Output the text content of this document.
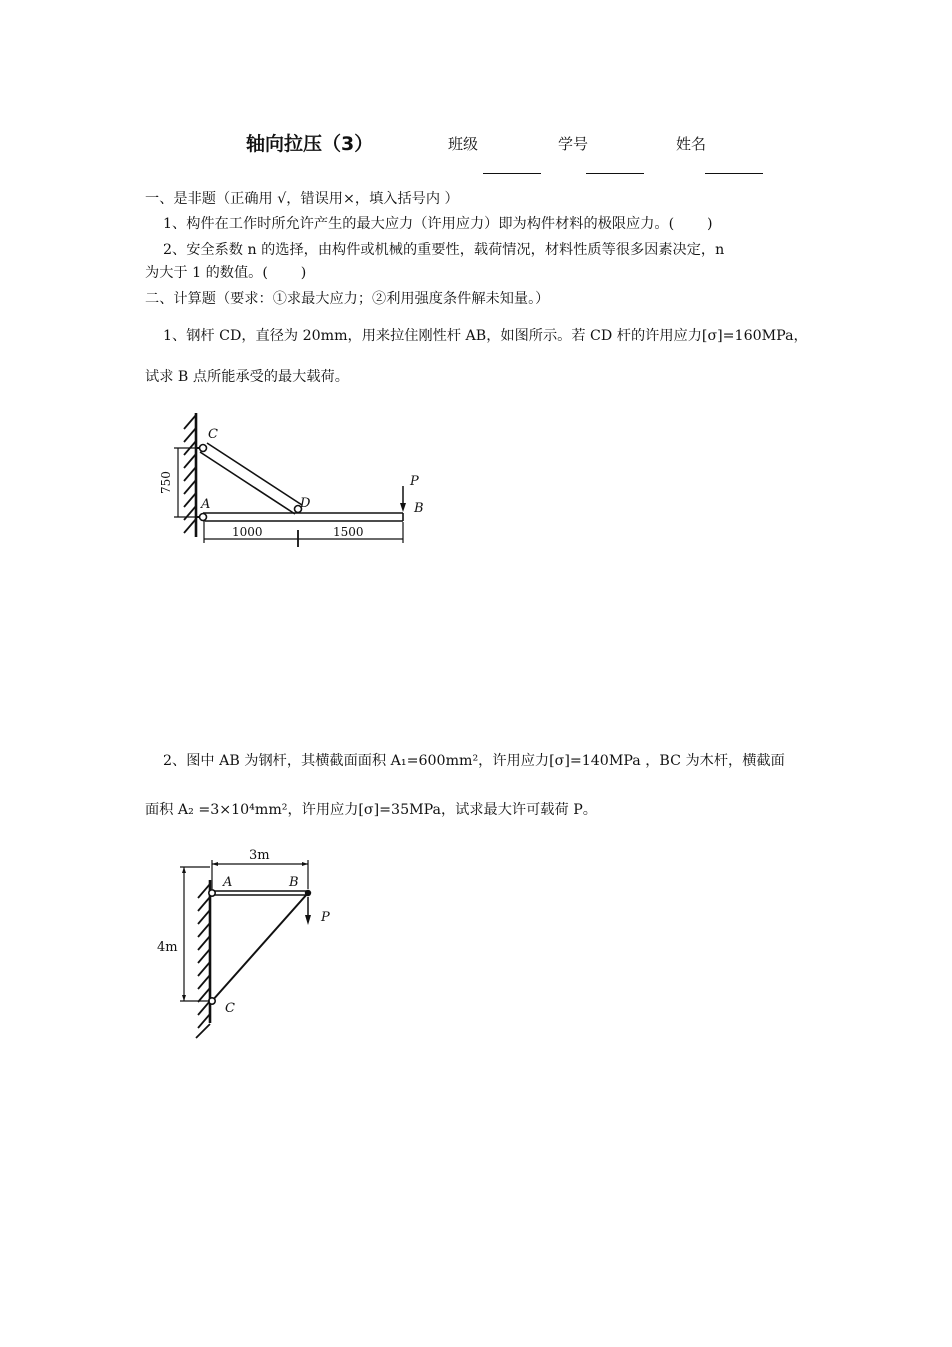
轴向拉压（3）	班级	学号	姓名
一、是非题（正确用 √，错误用×，填入括号内 ）
1、构件在工作时所允许产生的最大应力（许用应力）即为构件材料的极限应力。(　　 )
2、安全系数 n 的选择，由构件或机械的重要性，载荷情况，材料性质等很多因素决定，n
为大于 1 的数值。(　　 )
二、计算题（要求：①求最大应力；②利用强度条件解未知量。）
1、钢杆 CD，直径为 20mm，用来拉住刚性杆 AB，如图所示。若 CD 杆的许用应力[σ]=160MPa，
试求 B 点所能承受的最大载荷。
C
A	D
P
B
1000	1500
750
2、图中 AB 为钢杆，其横截面面积 A₁=600mm²，许用应力[σ]=140MPa ，BC 为木杆，横截面
面积 A₂ =3×10⁴mm²，许用应力[σ]=35MPa，试求最大许可载荷 P。
3m
4m
A	B
C
P
